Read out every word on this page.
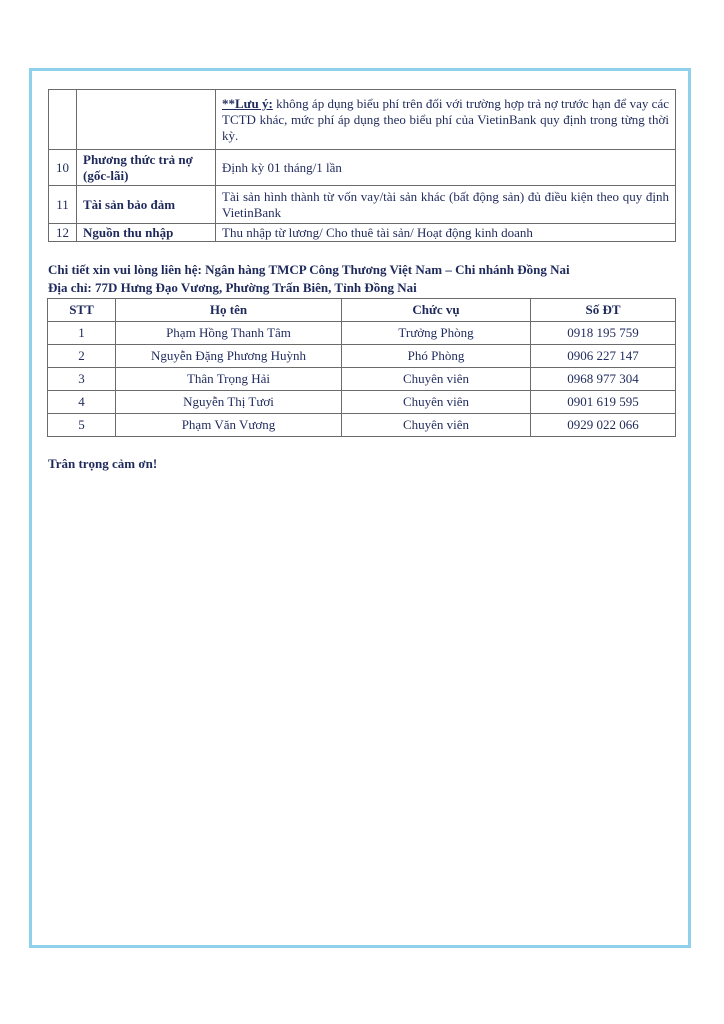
		**Lưu ý: không áp dụng biểu phí trên đối với trường hợp trả nợ trước hạn để vay các TCTD khác, mức phí áp dụng theo biểu phí của VietinBank quy định trong từng thời kỳ.
10	Phương thức trả nợ (gốc-lãi)	Định kỳ 01 tháng/1 lần
11	Tài sản bảo đảm	Tài sản hình thành từ vốn vay/tài sản khác (bất động sản) đủ điều kiện theo quy định VietinBank
12	Nguồn thu nhập	Thu nhập từ lương/ Cho thuê tài sản/ Hoạt động kinh doanh
Chi tiết xin vui lòng liên hệ: Ngân hàng TMCP Công Thương Việt Nam – Chi nhánh Đồng Nai
Địa chỉ: 77D Hưng Đạo Vương, Phường Trấn Biên, Tỉnh Đồng Nai
STT	Họ tên	Chức vụ	Số ĐT
1	Phạm Hồng Thanh Tâm	Trưởng Phòng	0918 195 759
2	Nguyễn Đặng Phương Huỳnh	Phó Phòng	0906 227 147
3	Thân Trọng Hải	Chuyên viên	0968 977 304
4	Nguyễn Thị Tươi	Chuyên viên	0901 619 595
5	Phạm Văn Vương	Chuyên viên	0929 022 066
Trân trọng cảm ơn!
